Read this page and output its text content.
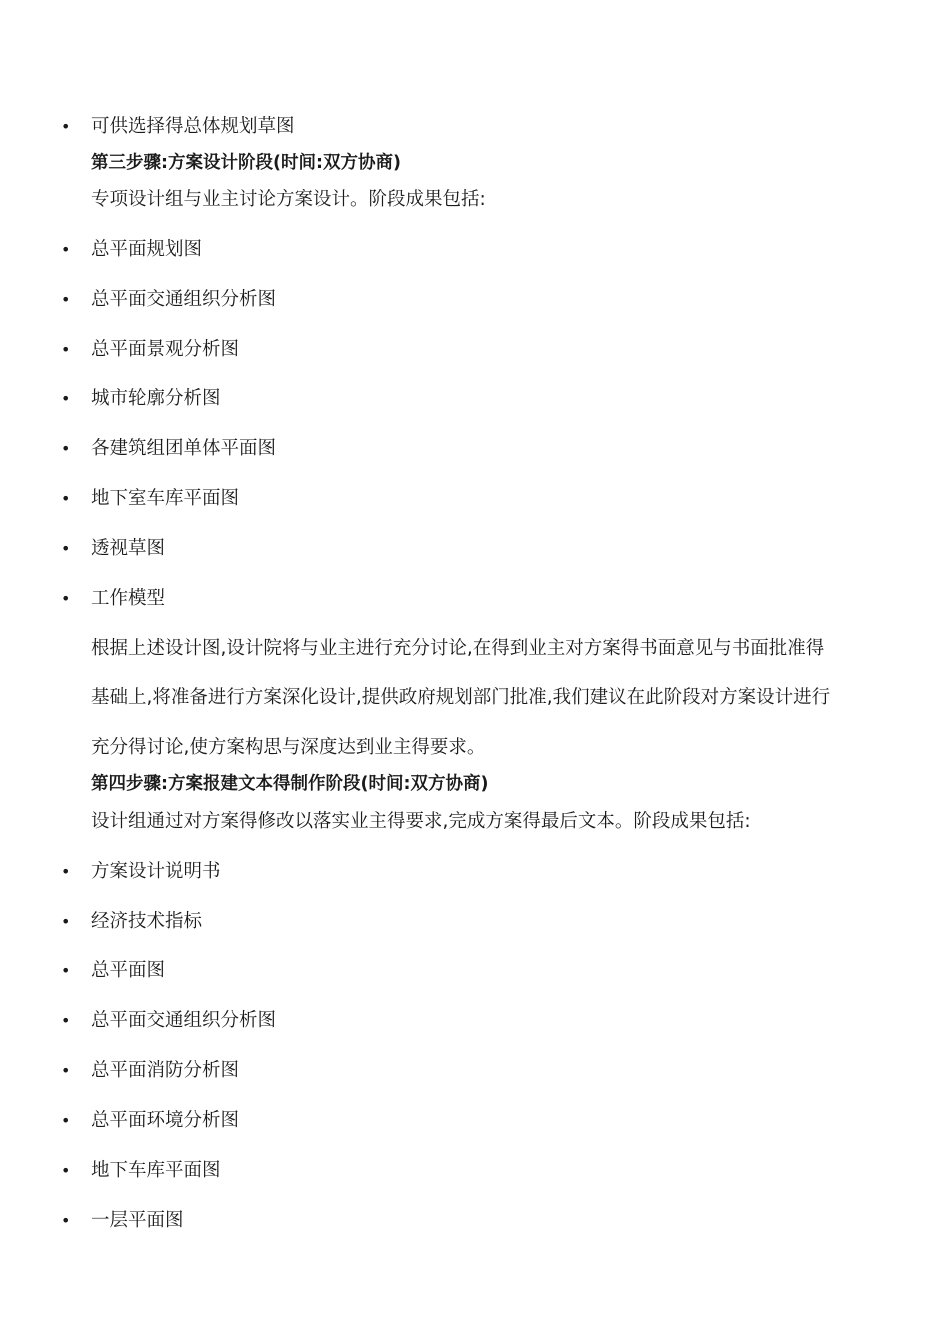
• 可供选择得总体规划草图
第三步骤:方案设计阶段(时间:双方协商)
专项设计组与业主讨论方案设计。阶段成果包括:
• 总平面规划图
• 总平面交通组织分析图
• 总平面景观分析图
• 城市轮廓分析图
• 各建筑组团单体平面图
• 地下室车库平面图
• 透视草图
• 工作模型
根据上述设计图,设计院将与业主进行充分讨论,在得到业主对方案得书面意见与书面批准得
基础上,将准备进行方案深化设计,提供政府规划部门批准,我们建议在此阶段对方案设计进行
充分得讨论,使方案构思与深度达到业主得要求。
第四步骤:方案报建文本得制作阶段(时间:双方协商)
设计组通过对方案得修改以落实业主得要求,完成方案得最后文本。阶段成果包括:
• 方案设计说明书
• 经济技术指标
• 总平面图
• 总平面交通组织分析图
• 总平面消防分析图
• 总平面环境分析图
• 地下车库平面图
• 一层平面图
